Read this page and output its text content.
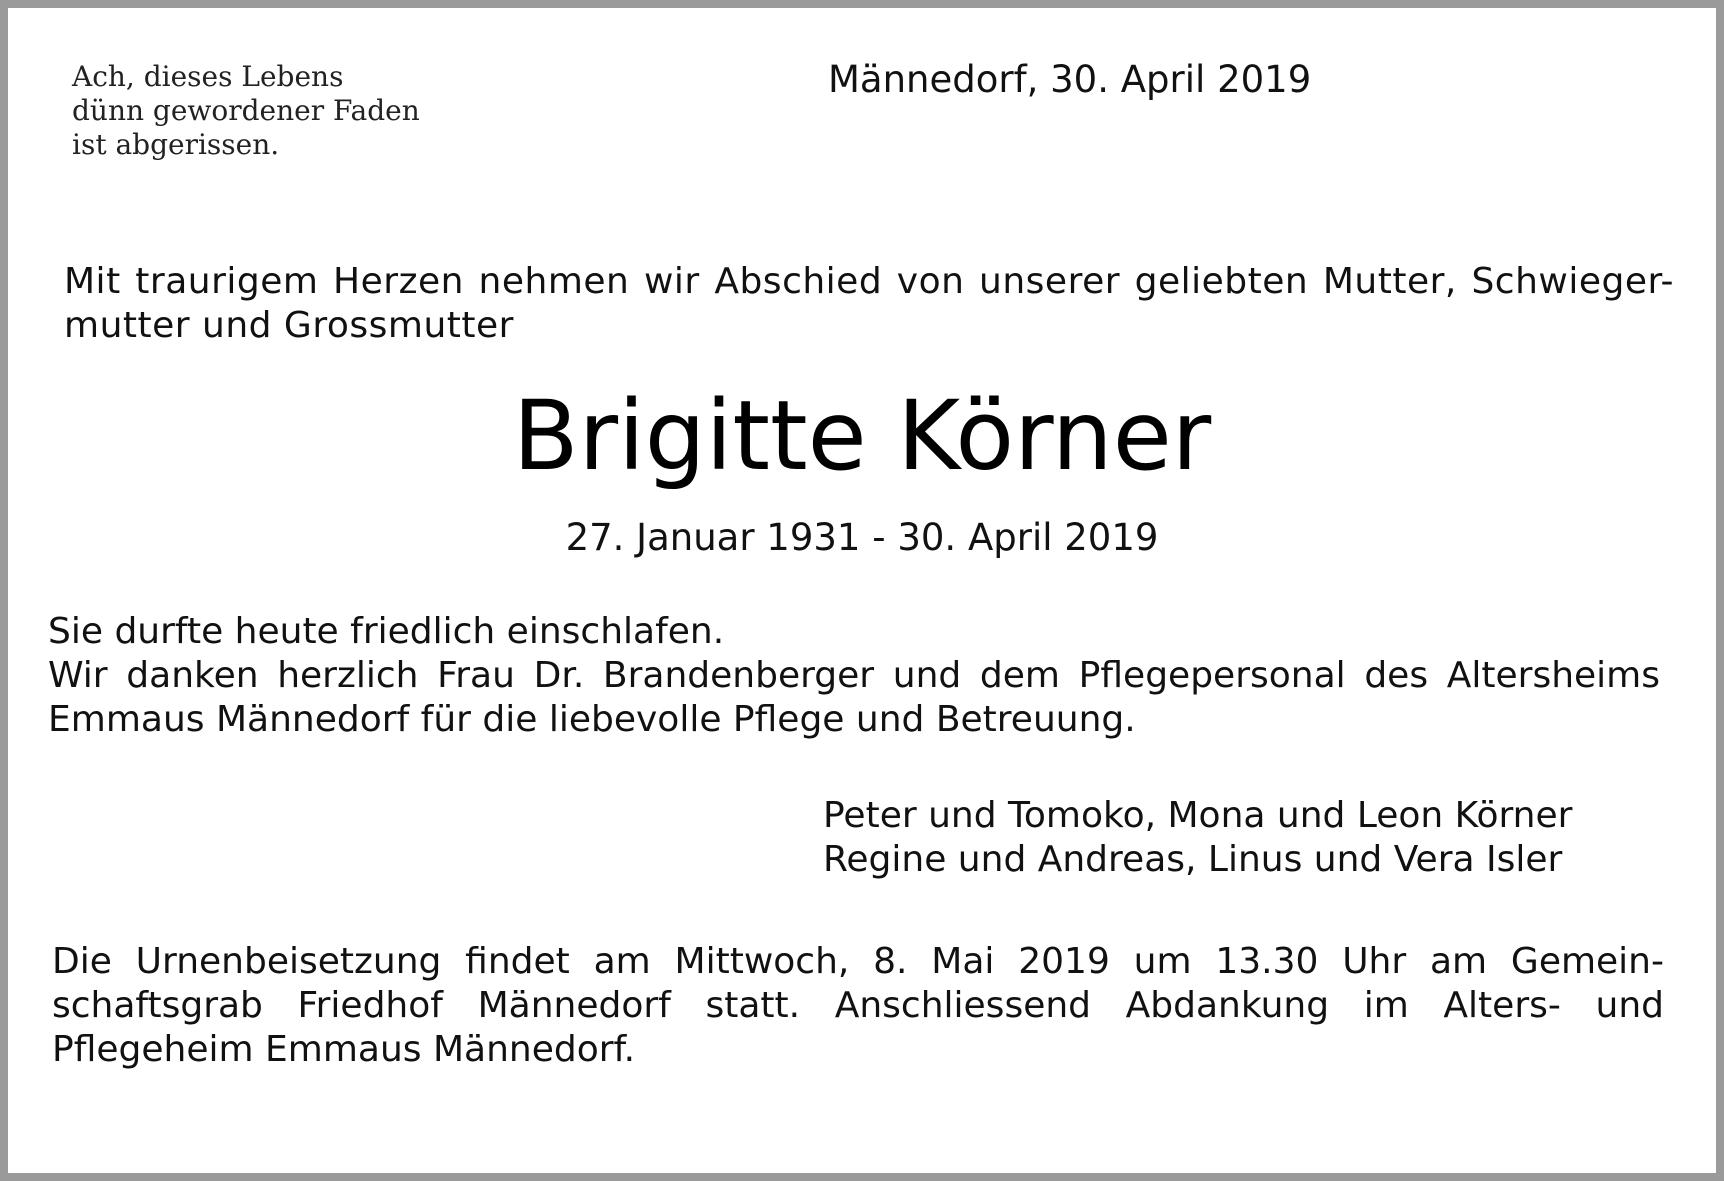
Ach, dieses Lebens
dünn gewordener Faden
ist abgerissen.
Männedorf, 30. April 2019
Mit traurigem Herzen nehmen wir Abschied von unserer geliebten Mutter, Schwieger-
mutter und Grossmutter
Brigitte Körner
27. Januar 1931 - 30. April 2019
Sie durfte heute friedlich einschlafen.
Wir danken herzlich Frau Dr. Brandenberger und dem Pflegepersonal des Altersheims
Emmaus Männedorf für die liebevolle Pflege und Betreuung.
Peter und Tomoko, Mona und Leon Körner
Regine und Andreas, Linus und Vera Isler
Die Urnenbeisetzung findet am Mittwoch, 8. Mai 2019 um 13.30 Uhr am Gemein-
schaftsgrab Friedhof Männedorf statt. Anschliessend Abdankung im Alters- und
Pflegeheim Emmaus Männedorf.
